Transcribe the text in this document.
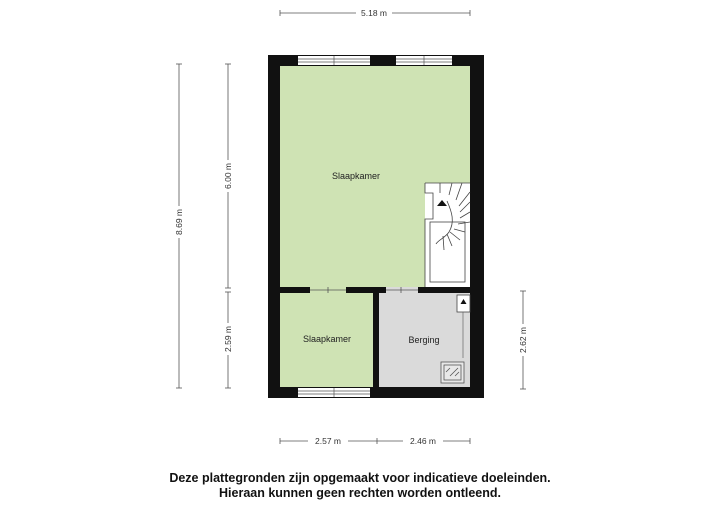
5.18 m
8.69 m
6.00 m
2.59 m	2.62 m
2.57 m	2.46 m
Slaapkamer
Slaapkamer	Berging
Deze plattegronden zijn opgemaakt voor indicatieve doeleinden.
Hieraan kunnen geen rechten worden ontleend.
